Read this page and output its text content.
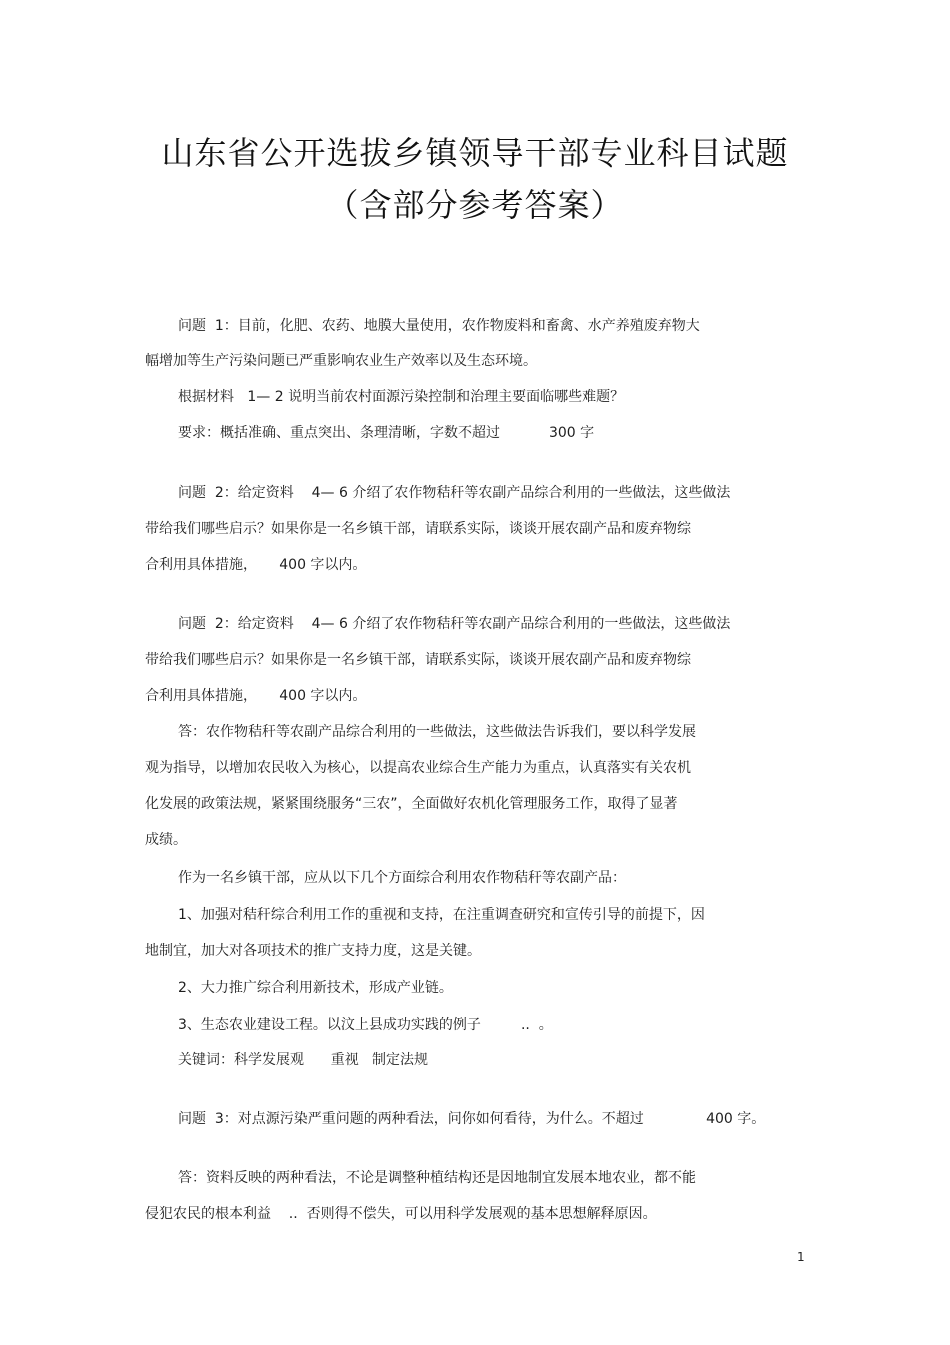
山东省公开选拔乡镇领导干部专业科目试题
（含部分参考答案）
问题  1：目前，化肥、农药、地膜大量使用，农作物废料和畜禽、水产养殖废弃物大
幅增加等生产污染问题已严重影响农业生产效率以及生态环境。
根据材料   1— 2 说明当前农村面源污染控制和治理主要面临哪些难题？
要求：概括准确、重点突出、条理清晰，字数不超过           300 字
问题  2：给定资料    4— 6 介绍了农作物秸秆等农副产品综合利用的一些做法，这些做法
带给我们哪些启示？如果你是一名乡镇干部，请联系实际，谈谈开展农副产品和废弃物综
合利用具体措施，     400 字以内。
问题  2：给定资料    4— 6 介绍了农作物秸秆等农副产品综合利用的一些做法，这些做法
带给我们哪些启示？如果你是一名乡镇干部，请联系实际，谈谈开展农副产品和废弃物综
合利用具体措施，     400 字以内。
答：农作物秸秆等农副产品综合利用的一些做法，这些做法告诉我们，要以科学发展
观为指导，以增加农民收入为核心，以提高农业综合生产能力为重点，认真落实有关农机
化发展的政策法规，紧紧围绕服务“三农”，全面做好农机化管理服务工作，取得了显著
成绩。
作为一名乡镇干部，应从以下几个方面综合利用农作物秸秆等农副产品：
1、加强对秸秆综合利用工作的重视和支持，在注重调查研究和宣传引导的前提下，因
地制宜，加大对各项技术的推广支持力度，这是关键。
2、大力推广综合利用新技术，形成产业链。
3、生态农业建设工程。以汶上县成功实践的例子         ..  。
关键词：科学发展观      重视   制定法规
问题  3：对点源污染严重问题的两种看法，问你如何看待，为什么。不超过              400 字。
答：资料反映的两种看法，不论是调整种植结构还是因地制宜发展本地农业，都不能
侵犯农民的根本利益    ..  否则得不偿失，可以用科学发展观的基本思想解释原因。
1
